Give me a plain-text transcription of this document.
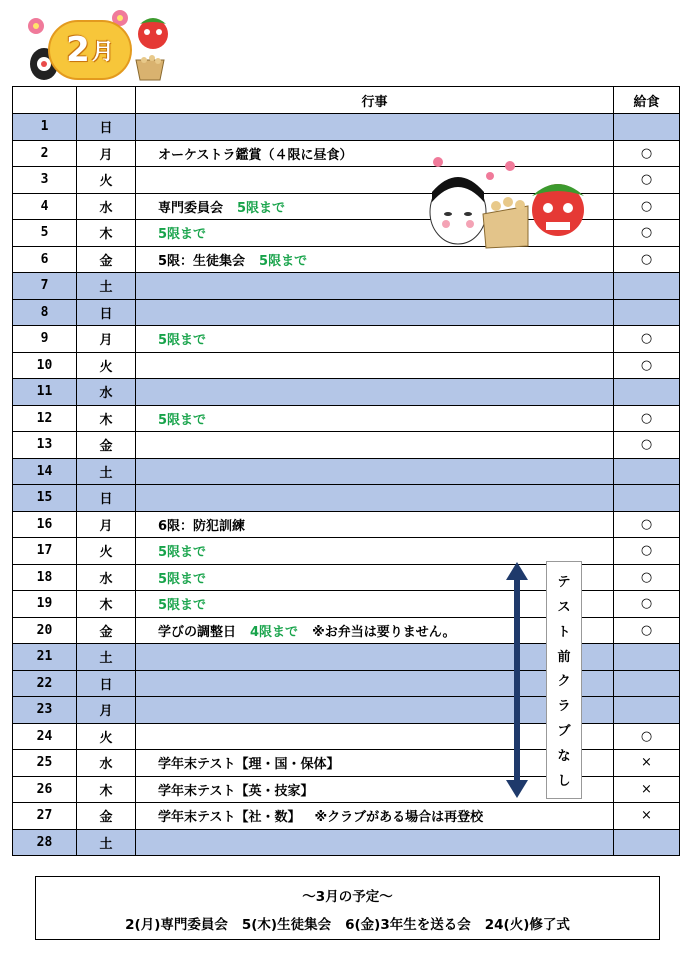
2 月
		行事	給食
1	日		
2	月	オーケストラ鑑賞（４限に昼食）	○
3	火		○
4	水	専門委員会 5限まで	○
5	木	5限まで	○
6	金	5限：生徒集会 5限まで	○
7	土		
8	日		
9	月	5限まで	○
10	火		○
11	水		
12	木	5限まで	○
13	金		○
14	土		
15	日		
16	月	6限：防犯訓練	○
17	火	5限まで	○
18	水	5限まで	○
19	木	5限まで	○
20	金	学びの調整日 4限まで ※お弁当は要りません。	○
21	土		
22	日		
23	月		
24	火		○
25	水	学年末テスト【理・国・保体】	×
26	木	学年末テスト【英・技家】	×
27	金	学年末テスト【社・数】 ※クラブがある場合は再登校	×
28	土		
テ
ス
ト
前
ク
ラ
ブ
な
し
～3月の予定～
2(月)専門委員会 5(木)生徒集会 6(金)3年生を送る会 24(火)修了式
